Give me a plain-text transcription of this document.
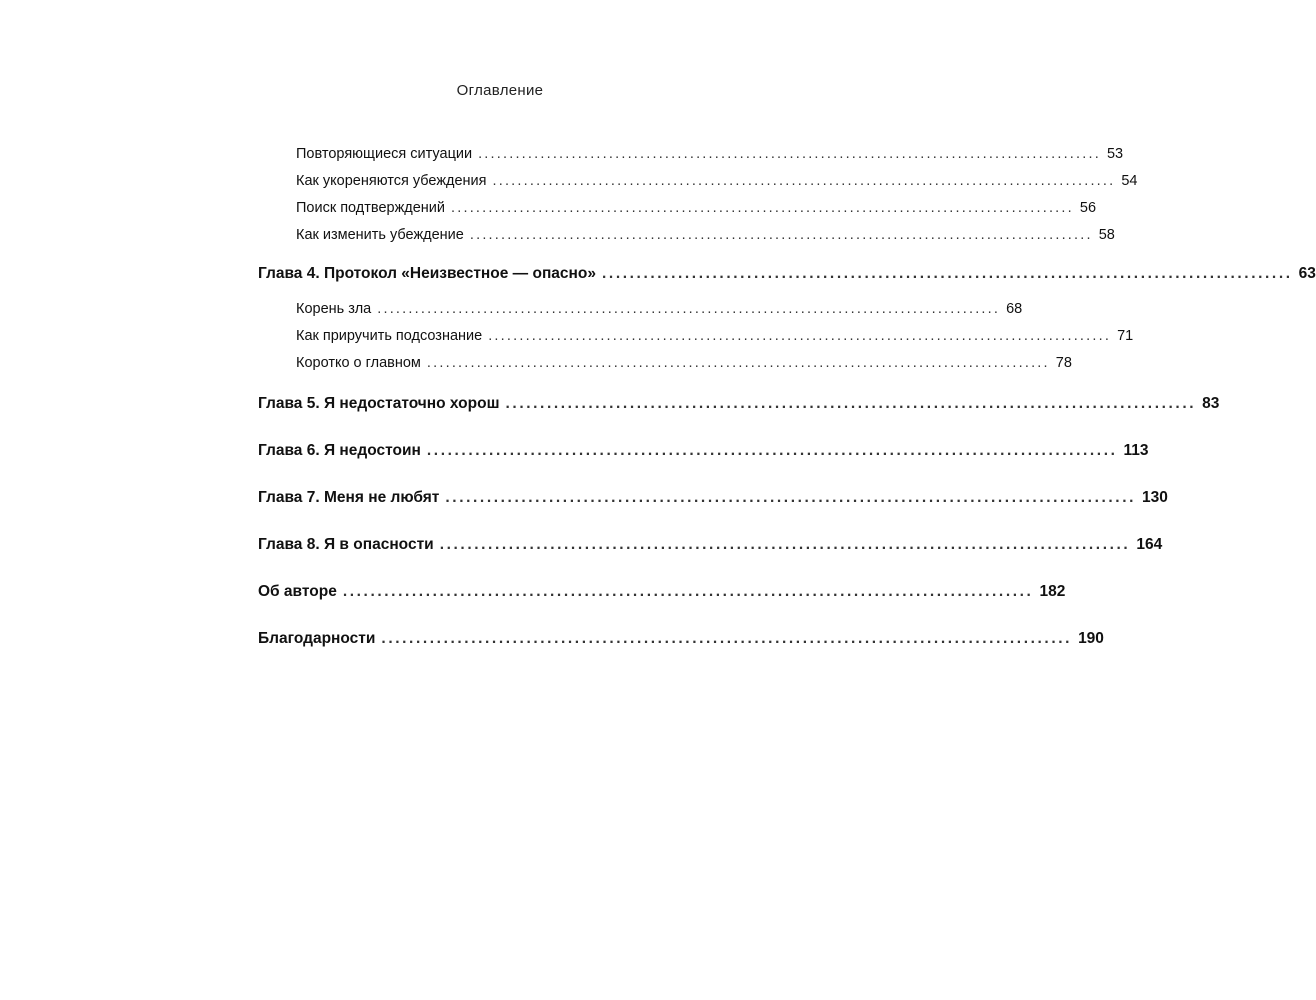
Оглавление
Повторяющиеся ситуации .................................................................................................... 53
Как укореняются убеждения .................................................................................................... 54
Поиск подтверждений .................................................................................................... 56
Как изменить убеждение .................................................................................................... 58
Глава 4. Протокол «Неизвестное — опасно» .................................................................................................... 63
Корень зла .................................................................................................... 68
Как приручить подсознание .................................................................................................... 71
Коротко о главном .................................................................................................... 78
Глава 5. Я недостаточно хорош .................................................................................................... 83
Глава 6. Я недостоин .................................................................................................... 113
Глава 7. Меня не любят .................................................................................................... 130
Глава 8. Я в опасности .................................................................................................... 164
Об авторе .................................................................................................... 182
Благодарности .................................................................................................... 190
